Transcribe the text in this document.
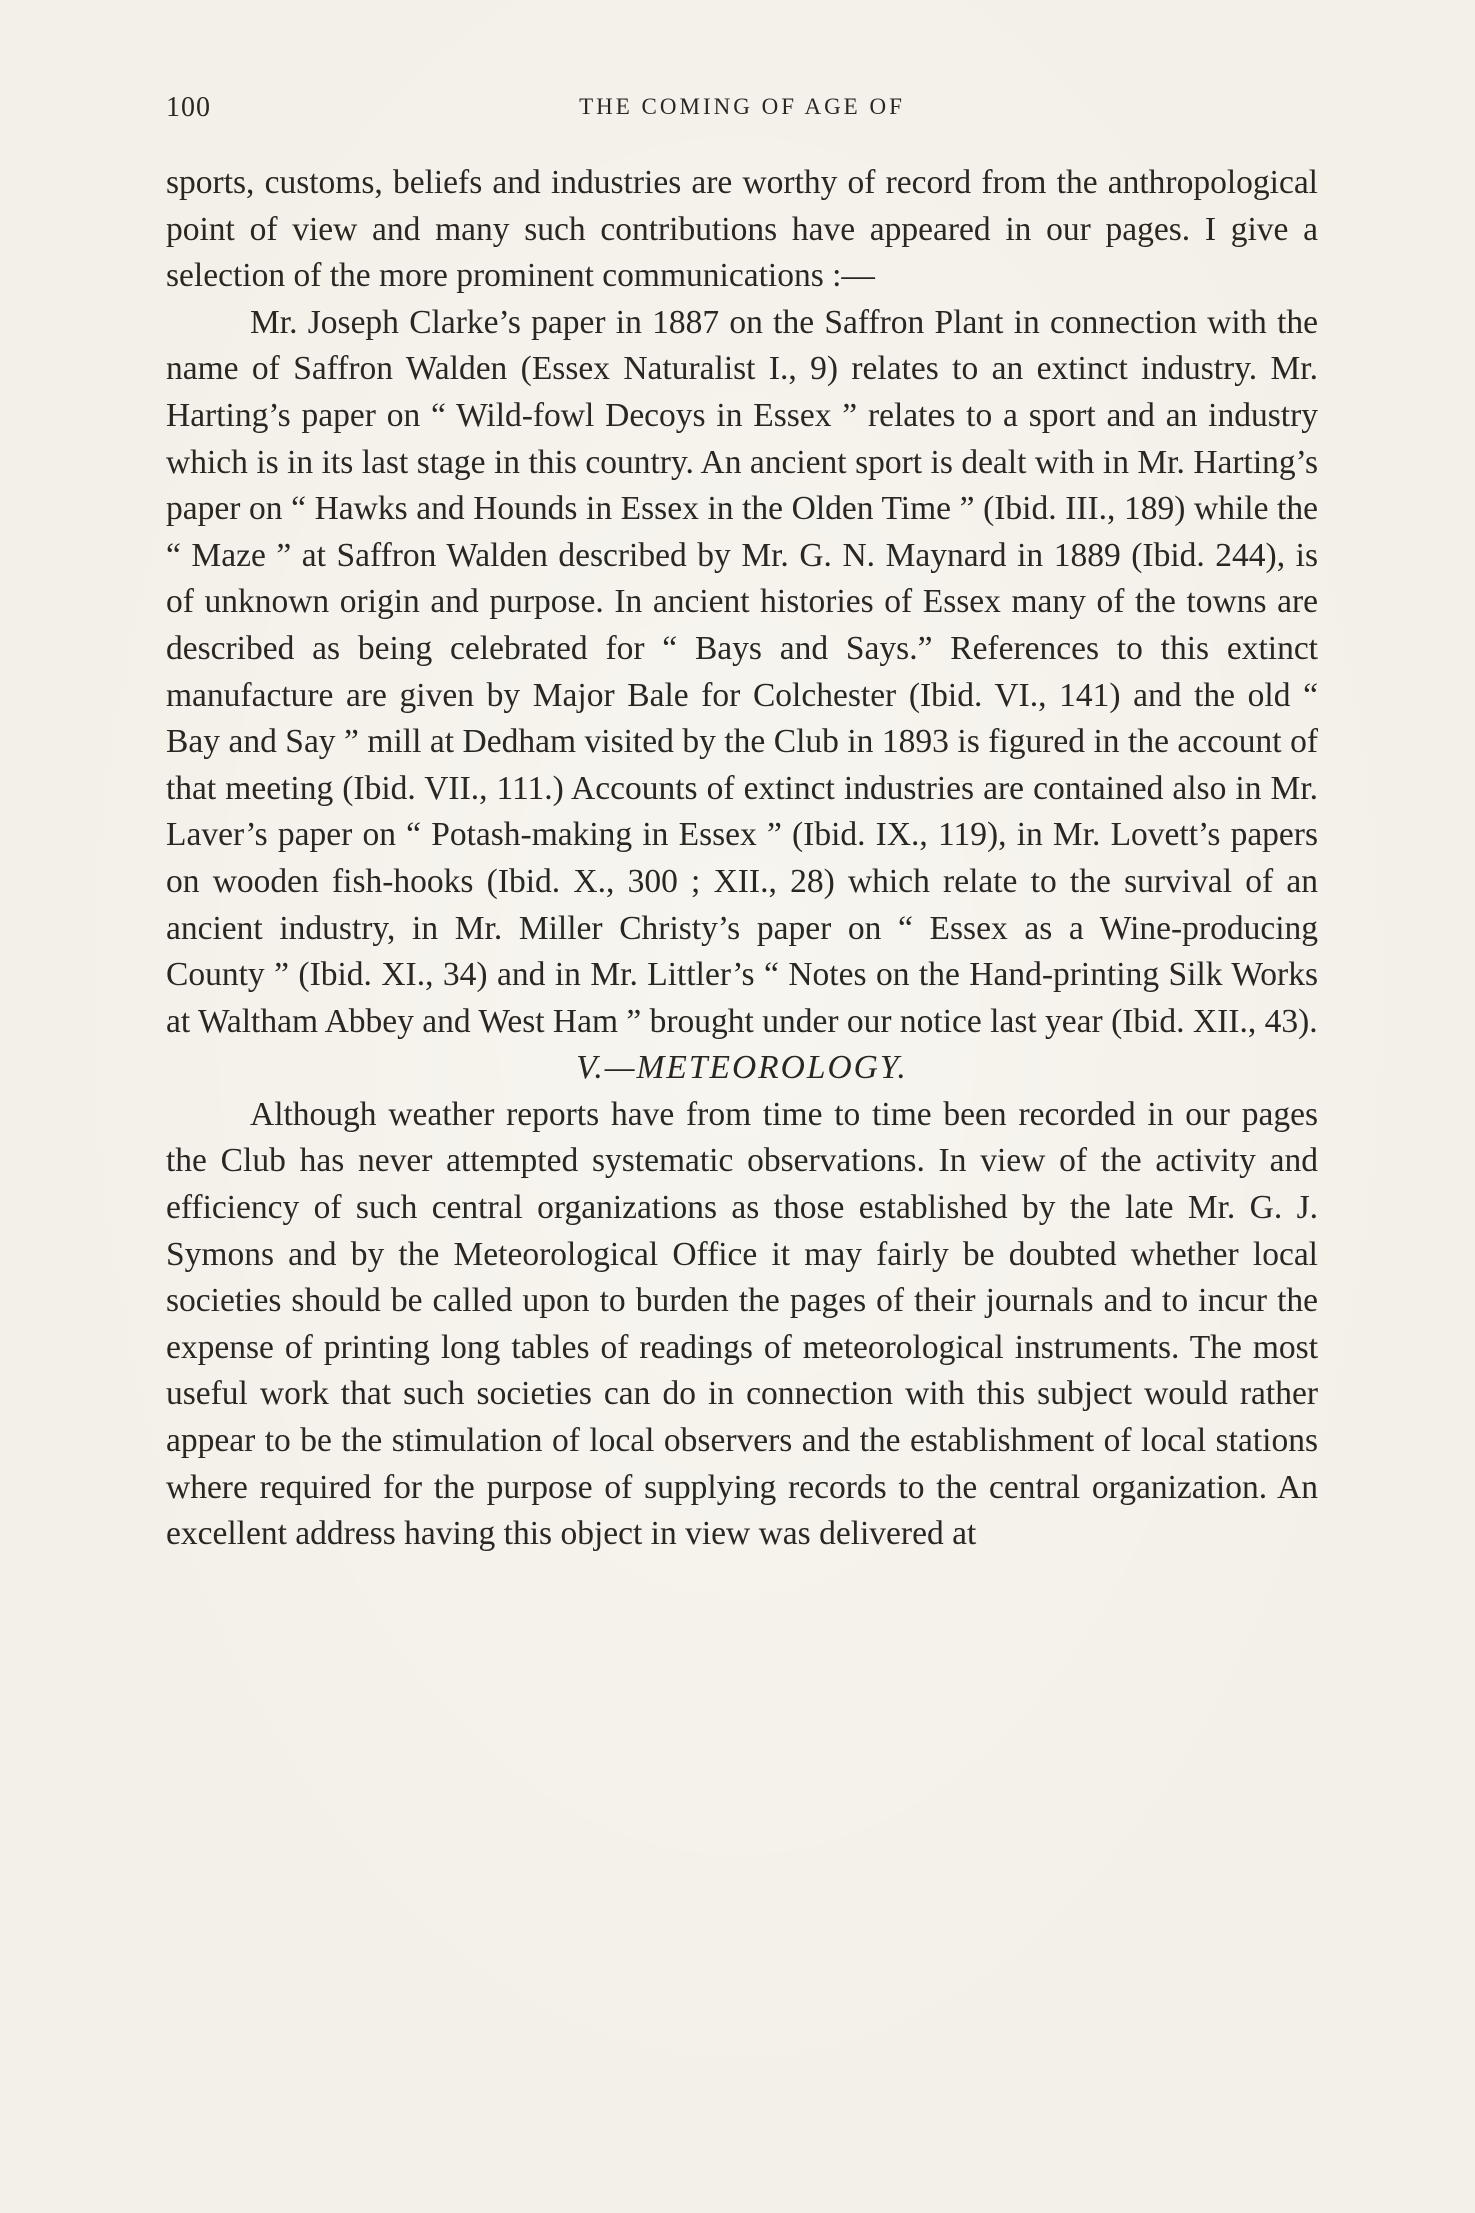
100	THE COMING OF AGE OF

sports, customs, beliefs and industries are worthy of record from the anthropological point of view and many such contributions have appeared in our pages. I give a selection of the more prominent communications :—

Mr. Joseph Clarke’s paper in 1887 on the Saffron Plant in connection with the name of Saffron Walden (Essex Naturalist I., 9) relates to an extinct industry. Mr. Harting’s paper on “ Wild-fowl Decoys in Essex ” relates to a sport and an industry which is in its last stage in this country. An ancient sport is dealt with in Mr. Harting’s paper on “ Hawks and Hounds in Essex in the Olden Time ” (Ibid. III., 189) while the “ Maze ” at Saffron Walden described by Mr. G. N. Maynard in 1889 (Ibid. 244), is of unknown origin and purpose. In ancient histories of Essex many of the towns are described as being celebrated for “ Bays and Says.” References to this extinct manufacture are given by Major Bale for Colchester (Ibid. VI., 141) and the old “ Bay and Say ” mill at Dedham visited by the Club in 1893 is figured in the account of that meeting (Ibid. VII., 111.) Accounts of extinct industries are contained also in Mr. Laver’s paper on “ Potash-making in Essex ” (Ibid. IX., 119), in Mr. Lovett’s papers on wooden fish-hooks (Ibid. X., 300 ; XII., 28) which relate to the survival of an ancient industry, in Mr. Miller Christy’s paper on “ Essex as a Wine-producing County ” (Ibid. XI., 34) and in Mr. Littler’s “ Notes on the Hand-printing Silk Works at Waltham Abbey and West Ham ” brought under our notice last year (Ibid. XII., 43).

V.—METEOROLOGY.

Although weather reports have from time to time been recorded in our pages the Club has never attempted systematic observations. In view of the activity and efficiency of such central organizations as those established by the late Mr. G. J. Symons and by the Meteorological Office it may fairly be doubted whether local societies should be called upon to burden the pages of their journals and to incur the expense of printing long tables of readings of meteorological instruments. The most useful work that such societies can do in connection with this subject would rather appear to be the stimulation of local observers and the establishment of local stations where required for the purpose of supplying records to the central organization. An excellent address having this object in view was delivered at
